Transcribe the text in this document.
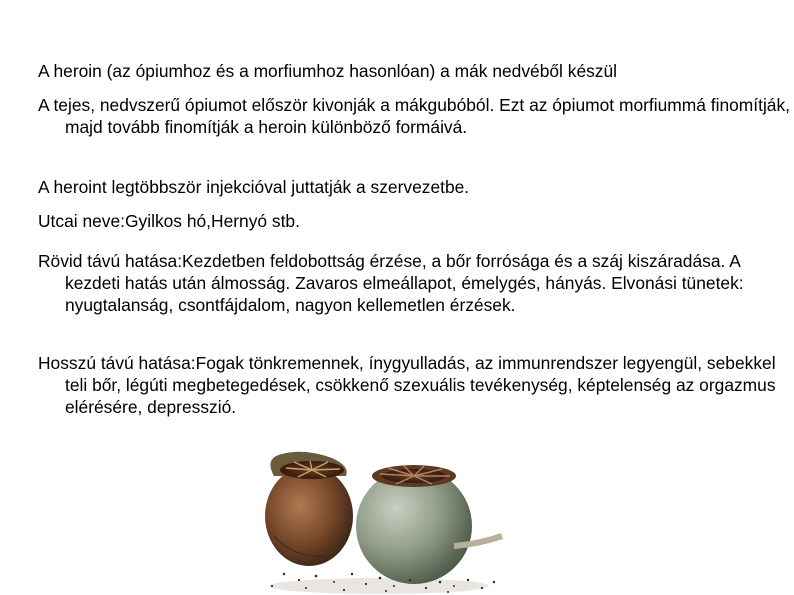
A heroin (az ópiumhoz és a morfiumhoz hasonlóan) a mák nedvéből készül

A tejes, nedvszerű ópiumot először kivonják a mákgubóból. Ezt az ópiumot morfiummá finomítják, majd tovább finomítják a heroin különböző formáivá.

A heroint legtöbbször injekcióval juttatják a szervezetbe.

Utcai neve:Gyilkos hó,Hernyó stb.

Rövid távú hatása:Kezdetben feldobottság érzése, a bőr forrósága és a száj kiszáradása. A kezdeti hatás után álmosság. Zavaros elmeállapot, émelygés, hányás. Elvonási tünetek: nyugtalanság, csontfájdalom, nagyon kellemetlen érzések.

Hosszú távú hatása:Fogak tönkremennek, ínygyulladás, az immunrendszer legyengül, sebekkel teli bőr, légúti megbetegedések, csökkenő szexuális tevékenység, képtelenség az orgazmus elérésére, depresszió.
